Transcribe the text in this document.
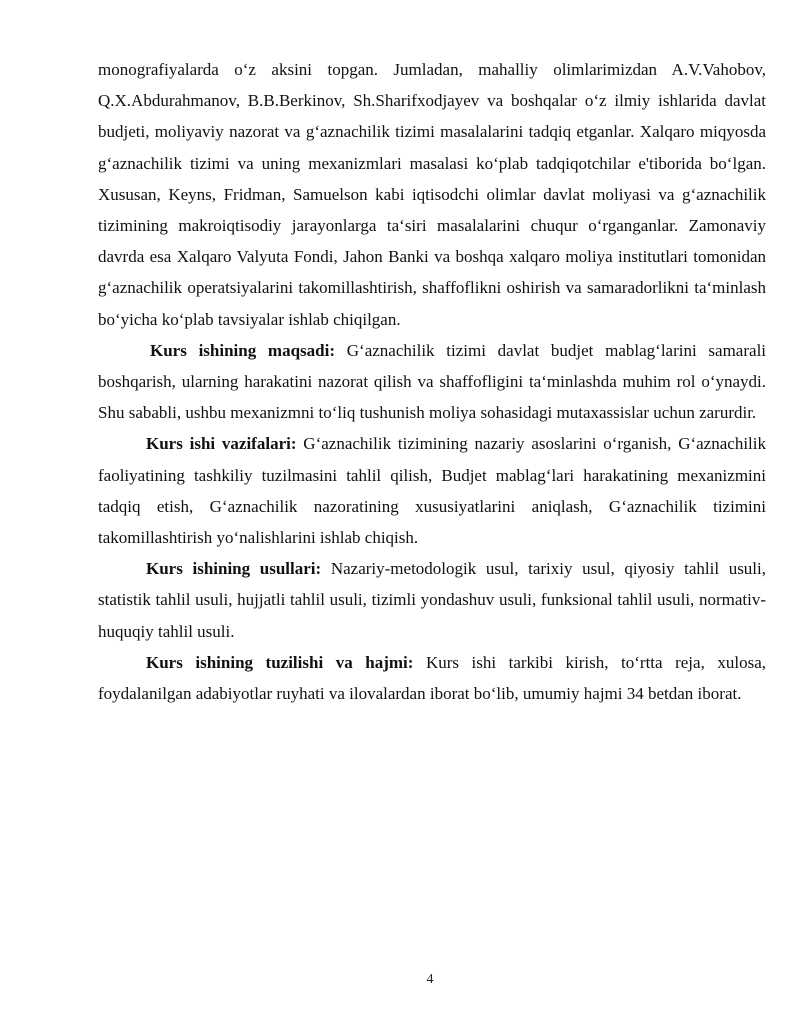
monografiyalarda o‘z aksini topgan. Jumladan, mahalliy olimlarimizdan A.V.Vahobov, Q.X.Abdurahmanov, B.B.Berkinov, Sh.Sharifxodjayev va boshqalar o‘z ilmiy ishlarida davlat budjeti, moliyaviy nazorat va g‘aznachilik tizimi masalalarini tadqiq etganlar. Xalqaro miqyosda g‘aznachilik tizimi va uning mexanizmlari masalasi ko‘plab tadqiqotchilar e'tiborida bo‘lgan. Xususan, Keyns, Fridman, Samuelson kabi iqtisodchi olimlar davlat moliyasi va g‘aznachilik tizimining makroiqtisodiy jarayonlarga ta‘siri masalalarini chuqur o‘rganganlar. Zamonaviy davrda esa Xalqaro Valyuta Fondi, Jahon Banki va boshqa xalqaro moliya institutlari tomonidan g‘aznachilik operatsiyalarini takomillashtirish, shaffoflikni oshirish va samaradorlikni ta‘minlash bo‘yicha ko‘plab tavsiyalar ishlab chiqilgan.

Kurs ishining maqsadi: G‘aznachilik tizimi davlat budjet mablag‘larini samarali boshqarish, ularning harakatini nazorat qilish va shaffofligini ta‘minlashda muhim rol o‘ynaydi. Shu sababli, ushbu mexanizmni to‘liq tushunish moliya sohasidagi mutaxassislar uchun zarurdir.

Kurs ishi vazifalari: G‘aznachilik tizimining nazariy asoslarini o‘rganish, G‘aznachilik faoliyatining tashkiliy tuzilmasini tahlil qilish, Budjet mablag‘lari harakatining mexanizmini tadqiq etish, G‘aznachilik nazoratining xususiyatlarini aniqlash, G‘aznachilik tizimini takomillashtirish yo‘nalishlarini ishlab chiqish.

Kurs ishining usullari: Nazariy-metodologik usul, tarixiy usul, qiyosiy tahlil usuli, statistik tahlil usuli, hujjatli tahlil usuli, tizimli yondashuv usuli, funksional tahlil usuli, normativ-huquqiy tahlil usuli.

Kurs ishining tuzilishi va hajmi: Kurs ishi tarkibi kirish, to‘rtta reja, xulosa, foydalanilgan adabiyotlar ruyhati va ilovalardan iborat bo‘lib, umumiy hajmi 34 betdan iborat.

4
